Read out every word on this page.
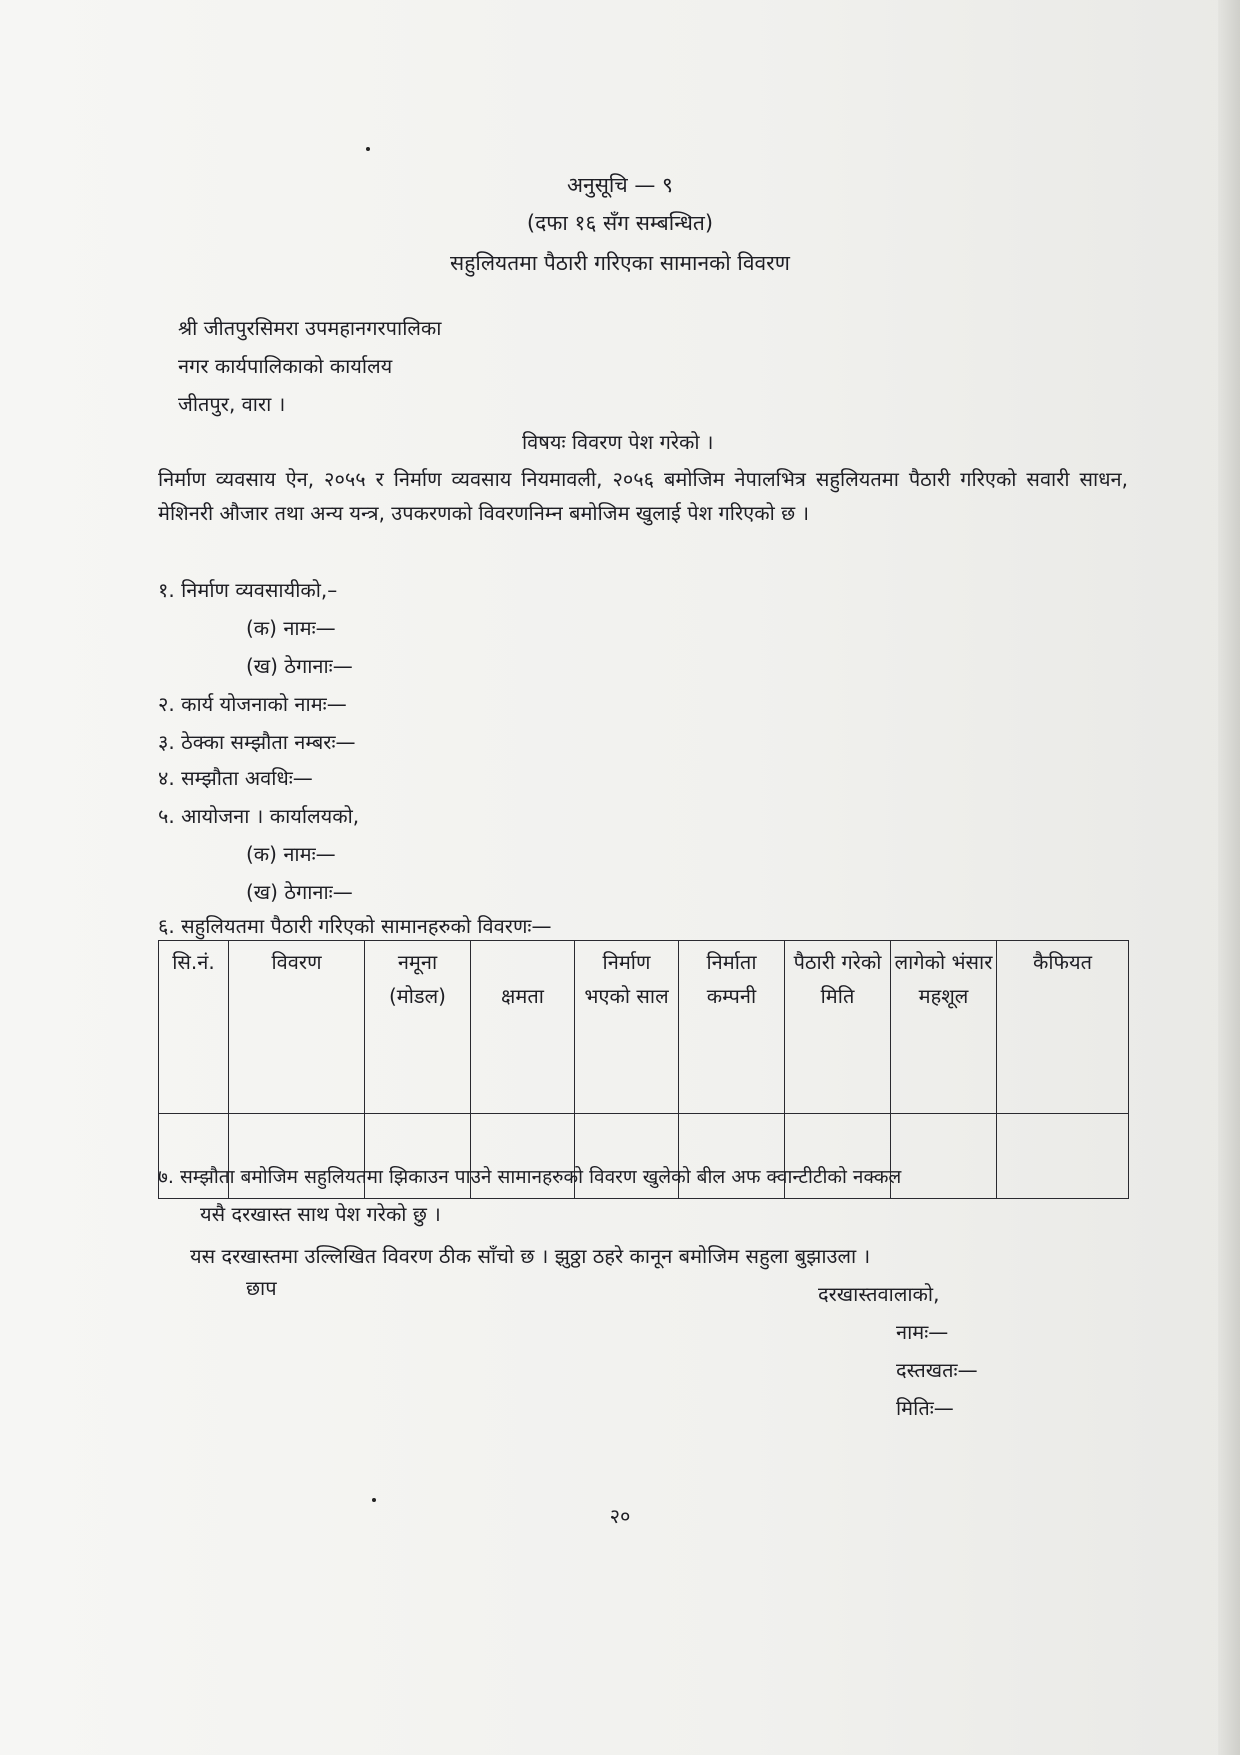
अनुसूचि — ९
(दफा १६ सँग सम्बन्धित)
सहुलियतमा पैठारी गरिएका सामानको विवरण
श्री जीतपुरसिमरा उपमहानगरपालिका
नगर कार्यपालिकाको कार्यालय
जीतपुर, वारा ।
विषयः विवरण पेश गरेको ।
निर्माण व्यवसाय ऐन, २०५५ र निर्माण व्यवसाय नियमावली, २०५६ बमोजिम नेपालभित्र सहुलियतमा पैठारी गरिएको सवारी साधन, मेशिनरी औजार तथा अन्य यन्त्र, उपकरणको विवरणनिम्न बमोजिम खुलाई पेश गरिएको छ ।
१. निर्माण व्यवसायीको,–
(क) नामः—
(ख) ठेगानाः—
२. कार्य योजनाको नामः—
३. ठेक्का सम्झौता नम्बरः—
४. सम्झौता अवधिः—
५. आयोजना । कार्यालयको,
(क) नामः—
(ख) ठेगानाः—
६. सहुलियतमा पैठारी गरिएको सामानहरुको विवरणः—
सि.नं.	विवरण	नमूना (मोडल)	क्षमता	निर्माण भएको साल	निर्माता कम्पनी	पैठारी गरेको मिति	लागेको भंसार महशूल	कैफियत

७. सम्झौता बमोजिम सहुलियतमा झिकाउन पाउने सामानहरुको विवरण खुलेको बील अफ क्वान्टीटीको नक्कल
यसै दरखास्त साथ पेश गरेको छु ।
यस दरखास्तमा उल्लिखित विवरण ठीक साँचो छ । झुठ्ठा ठहरे कानून बमोजिम सहुला बुझाउला ।
छाप	दरखास्तवालाको,
नामः—
दस्तखतः—
मितिः—
२०
